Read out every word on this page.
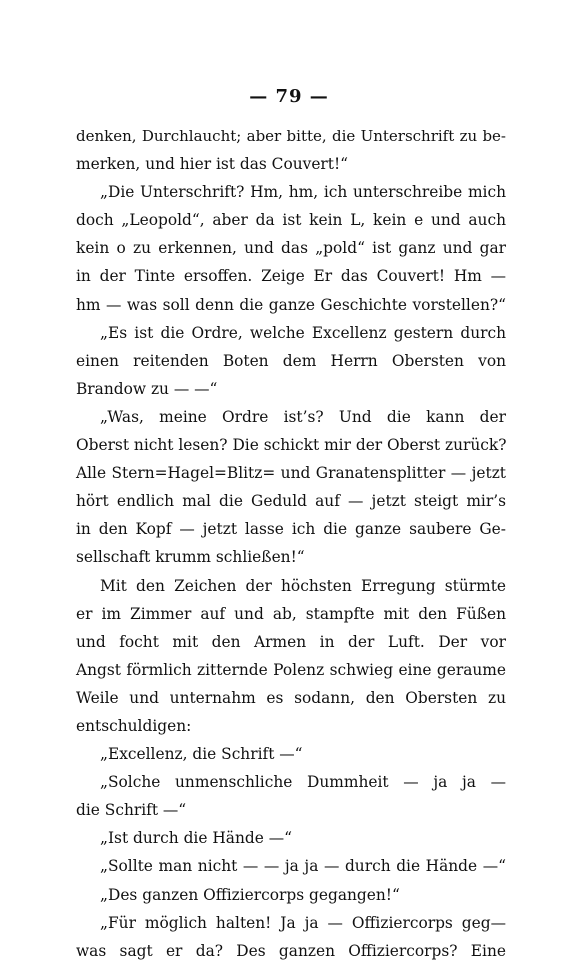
— 79 —
denken, Durchlaucht; aber bitte, die Unterschrift zu be-
merken, und hier ist das Couvert!“
„Die Unterschrift? Hm, hm, ich unterschreibe mich
doch „Leopold“, aber da ist kein L, kein e und auch
kein o zu erkennen, und das „pold“ ist ganz und gar
in der Tinte ersoffen. Zeige Er das Couvert! Hm —
hm — was soll denn die ganze Geschichte vorstellen?“
„Es ist die Ordre, welche Excellenz gestern durch
einen reitenden Boten dem Herrn Obersten von
Brandow zu — —“
„Was, meine Ordre ist’s? Und die kann der
Oberst nicht lesen? Die schickt mir der Oberst zurück?
Alle Stern=Hagel=Blitz= und Granatensplitter — jetzt
hört endlich mal die Geduld auf — jetzt steigt mir’s
in den Kopf — jetzt lasse ich die ganze saubere Ge-
sellschaft krumm schließen!“
Mit den Zeichen der höchsten Erregung stürmte
er im Zimmer auf und ab, stampfte mit den Füßen
und focht mit den Armen in der Luft. Der vor
Angst förmlich zitternde Polenz schwieg eine geraume
Weile und unternahm es sodann, den Obersten zu
entschuldigen:
„Excellenz, die Schrift —“
„Solche unmenschliche Dummheit — ja ja —
die Schrift —“
„Ist durch die Hände —“
„Sollte man nicht — — ja ja — durch die Hände —“
„Des ganzen Offiziercorps gegangen!“
„Für möglich halten! Ja ja — Offiziercorps geg—
was sagt er da? Des ganzen Offiziercorps? Eine
